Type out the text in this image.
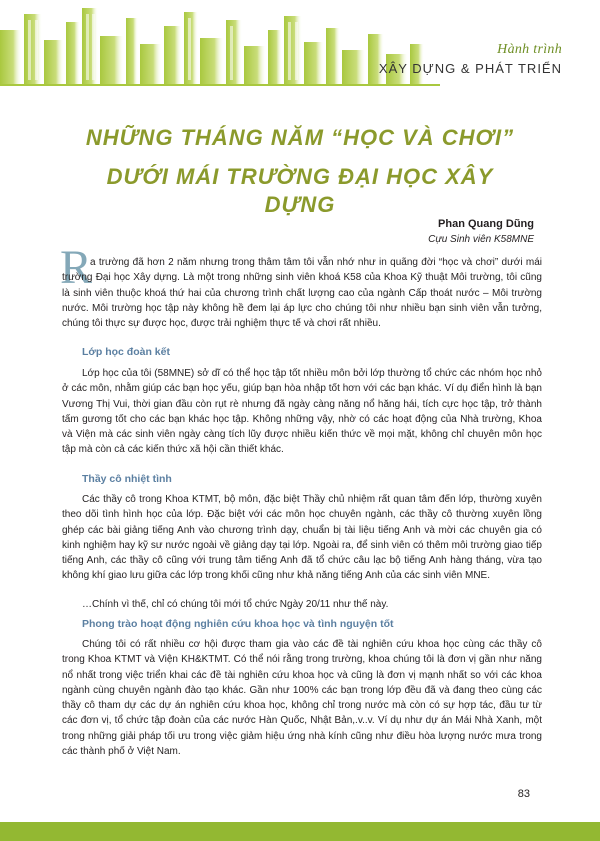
Hành trình
XÂY DỰNG & PHÁT TRIỂN
NHỮNG THÁNG NĂM “HỌC VÀ CHƠI”
DƯỚI MÁI TRƯỜNG ĐẠI HỌC XÂY DỰNG
Phan Quang Dũng
Cựu Sinh viên K58MNE
R

a trường đã hơn 2 năm nhưng trong thâm tâm tôi vẫn nhớ như in quãng đời “học và chơi” dưới mái trường Đại học Xây dựng. Là một trong những sinh viên khoá K58 của Khoa Kỹ thuật Môi trường, tôi cũng là sinh viên thuộc khoá thứ hai của chương trình chất lượng cao của ngành Cấp thoát nước – Môi trường nước. Môi trường học tập này không hề đem lại áp lực cho chúng tôi như nhiều bạn sinh viên vẫn tưởng, chúng tôi thực sự được học, được trải nghiệm thực tế và chơi rất nhiều.

Lớp học đoàn kết

Lớp học của tôi (58MNE) sở dĩ có thể học tập tốt nhiều môn bởi lớp thường tổ chức các nhóm học nhỏ ở các môn, nhằm giúp các bạn học yếu, giúp bạn hòa nhập tốt hơn với các bạn khác. Ví dụ điển hình là bạn Vương Thị Vui, thời gian đầu còn rụt rè nhưng đã ngày càng năng nổ hăng hái, tích cực học tập, trở thành tấm gương tốt cho các bạn khác học tập. Không những vậy, nhờ có các hoạt động của Nhà trường, Khoa và Viện mà các sinh viên ngày càng tích lũy được nhiều kiến thức về mọi mặt, không chỉ chuyên môn học tập mà còn cả các kiến thức xã hội cần thiết khác.

Thầy cô nhiệt tình

Các thầy cô trong Khoa KTMT, bộ môn, đặc biệt Thầy chủ nhiệm rất quan tâm đến lớp, thường xuyên theo dõi tình hình học của lớp. Đặc biệt với các môn học chuyên ngành, các thầy cô thường xuyên lồng ghép các bài giảng tiếng Anh vào chương trình dạy, chuẩn bị tài liệu tiếng Anh và mời các chuyên gia có kinh nghiệm hay kỹ sư nước ngoài về giảng dạy tại lớp. Ngoài ra, để sinh viên có thêm môi trường giao tiếp tiếng Anh, các thầy cô cũng với trung tâm tiếng Anh đã tổ chức câu lạc bộ tiếng Anh hàng tháng, vừa tạo không khí giao lưu giữa các lớp trong khối cũng như khả năng tiếng Anh của các sinh viên MNE.

…Chính vì thế, chỉ có chúng tôi mới tổ chức Ngày 20/11 như thế này.

Phong trào hoạt động nghiên cứu khoa học và tình nguyện tốt

Chúng tôi có rất nhiều cơ hội được tham gia vào các đề tài nghiên cứu khoa học cùng các thầy cô trong Khoa KTMT và Viện KH&KTMT. Có thể nói rằng trong trường, khoa chúng tôi là đơn vị gần như năng nổ nhất trong việc triển khai các đề tài nghiên cứu khoa học và cũng là đơn vị mạnh nhất so với các khoa ngành cùng chuyên ngành đào tạo khác. Gần như 100% các bạn trong lớp đều đã và đang theo cùng các thầy cô tham dự các dự án nghiên cứu khoa học, không chỉ trong nước mà còn có sự hợp tác, đầu tư từ các đơn vị, tổ chức tập đoàn của các nước Hàn Quốc, Nhật Bản,.v..v. Ví dụ như dự án Mái Nhà Xanh, một trong những giải pháp tối ưu trong việc giảm hiệu ứng nhà kính cũng như điều hòa lượng nước mưa trong các thành phố ở Việt Nam.

83
